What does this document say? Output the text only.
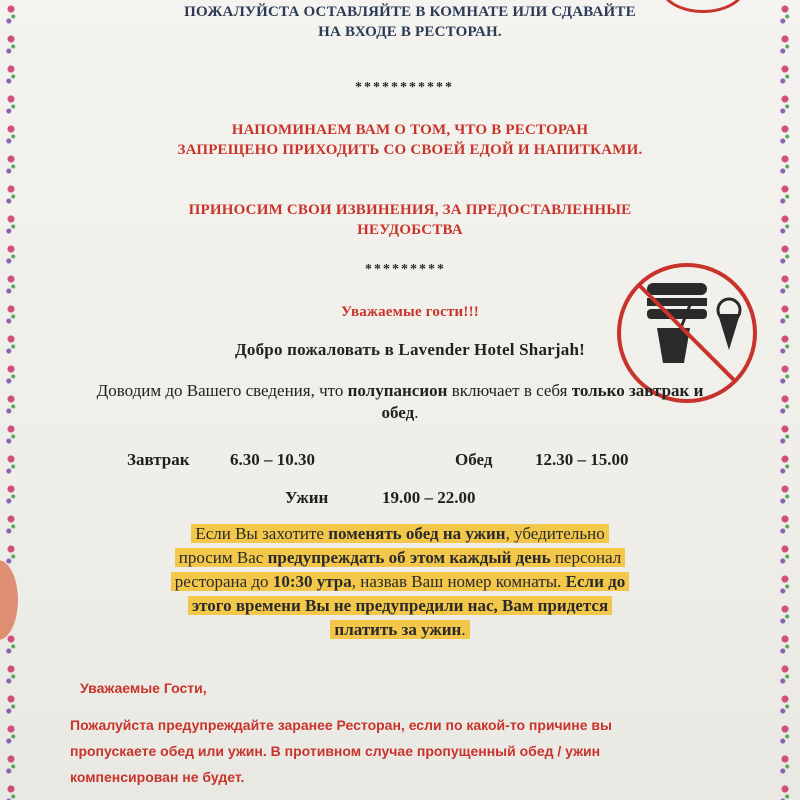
ПОЖАЛУЙСТА ОСТАВЛЯЙТЕ В КОМНАТЕ ИЛИ СДАВАЙТЕ
НА ВХОДЕ В РЕСТОРАН.
***********
НАПОМИНАЕМ ВАМ О ТОМ, ЧТО В РЕСТОРАН
ЗАПРЕЩЕНО ПРИХОДИТЬ СО СВОЕЙ ЕДОЙ И НАПИТКАМИ.
ПРИНОСИМ СВОИ ИЗВИНЕНИЯ, ЗА ПРЕДОСТАВЛЕННЫЕ
НЕУДОБСТВА
*********
Уважаемые гости!!!
Добро пожаловать в Lavender Hotel Sharjah!
Доводим до Вашего сведения, что полупансион включает в себя только завтрак и обед.
Завтрак 6.30 – 10.30	Обед	12.30 – 15.00
Ужин	19.00 – 22.00
Если Вы захотите поменять обед на ужин, убедительно
просим Вас предупреждать об этом каждый день персонал
ресторана до 10:30 утра, назвав Ваш номер комнаты. Если до
этого времени Вы не предупредили нас, Вам придется
платить за ужин.
Уважаемые Гости,
Пожалуйста предупреждайте заранее Ресторан, если по какой-то причине вы
пропускаете обед или ужин. В противном случае пропущенный обед / ужин
компенсирован не будет.
